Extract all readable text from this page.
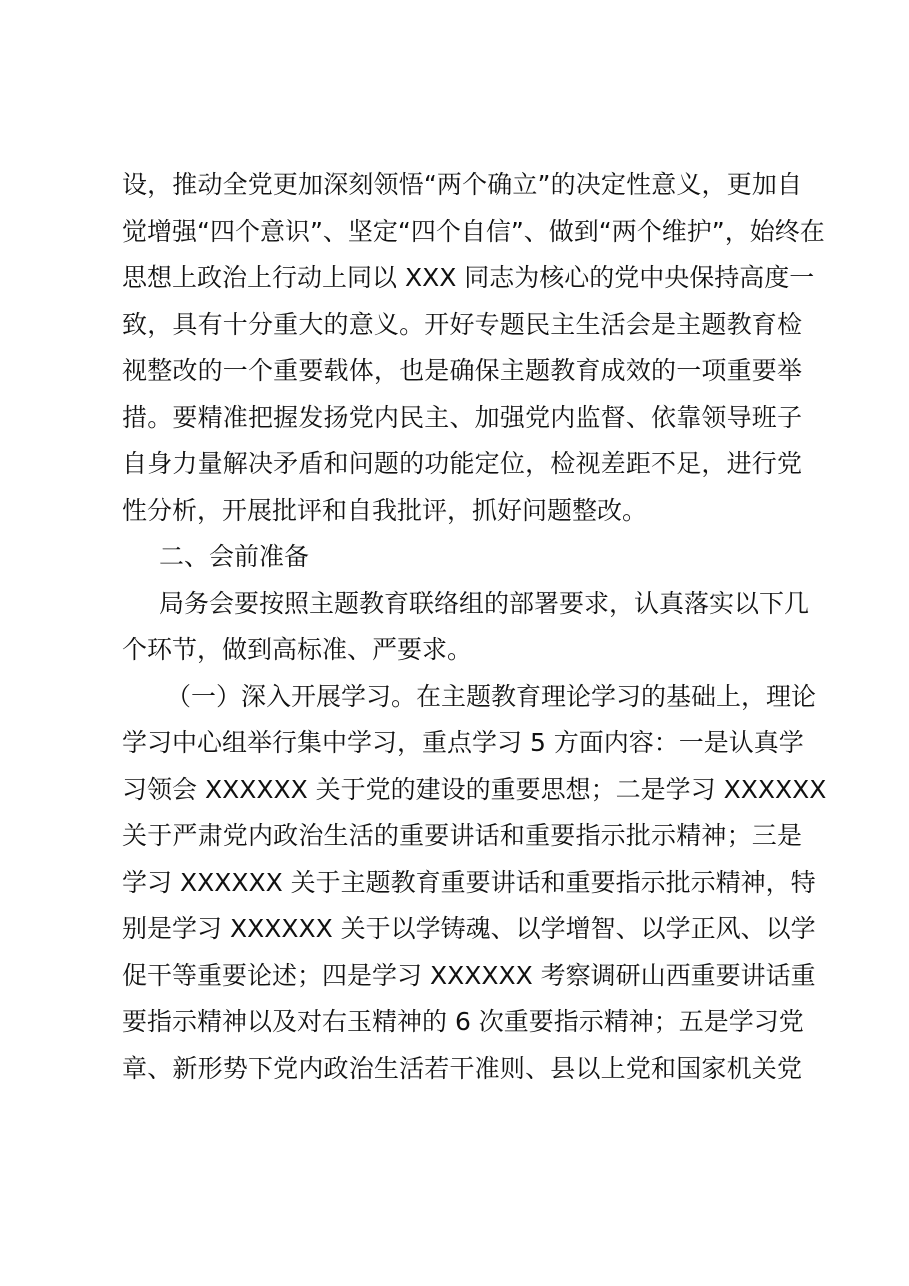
设，推动全党更加深刻领悟“两个确立”的决定性意义，更加自
觉增强“四个意识”、坚定“四个自信”、做到“两个维护”，始终在
思想上政治上行动上同以 XXX 同志为核心的党中央保持高度一
致，具有十分重大的意义。开好专题民主生活会是主题教育检
视整改的一个重要载体，也是确保主题教育成效的一项重要举
措。要精准把握发扬党内民主、加强党内监督、依靠领导班子
自身力量解决矛盾和问题的功能定位，检视差距不足，进行党
性分析，开展批评和自我批评，抓好问题整改。
二、会前准备
局务会要按照主题教育联络组的部署要求，认真落实以下几
个环节，做到高标准、严要求。
（一）深入开展学习。在主题教育理论学习的基础上，理论
学习中心组举行集中学习，重点学习 5 方面内容：一是认真学
习领会 XXXXXX 关于党的建设的重要思想；二是学习 XXXXXX
关于严肃党内政治生活的重要讲话和重要指示批示精神；三是
学习 XXXXXX 关于主题教育重要讲话和重要指示批示精神，特
别是学习 XXXXXX 关于以学铸魂、以学增智、以学正风、以学
促干等重要论述；四是学习 XXXXXX 考察调研山西重要讲话重
要指示精神以及对右玉精神的 6 次重要指示精神；五是学习党
章、新形势下党内政治生活若干准则、县以上党和国家机关党
